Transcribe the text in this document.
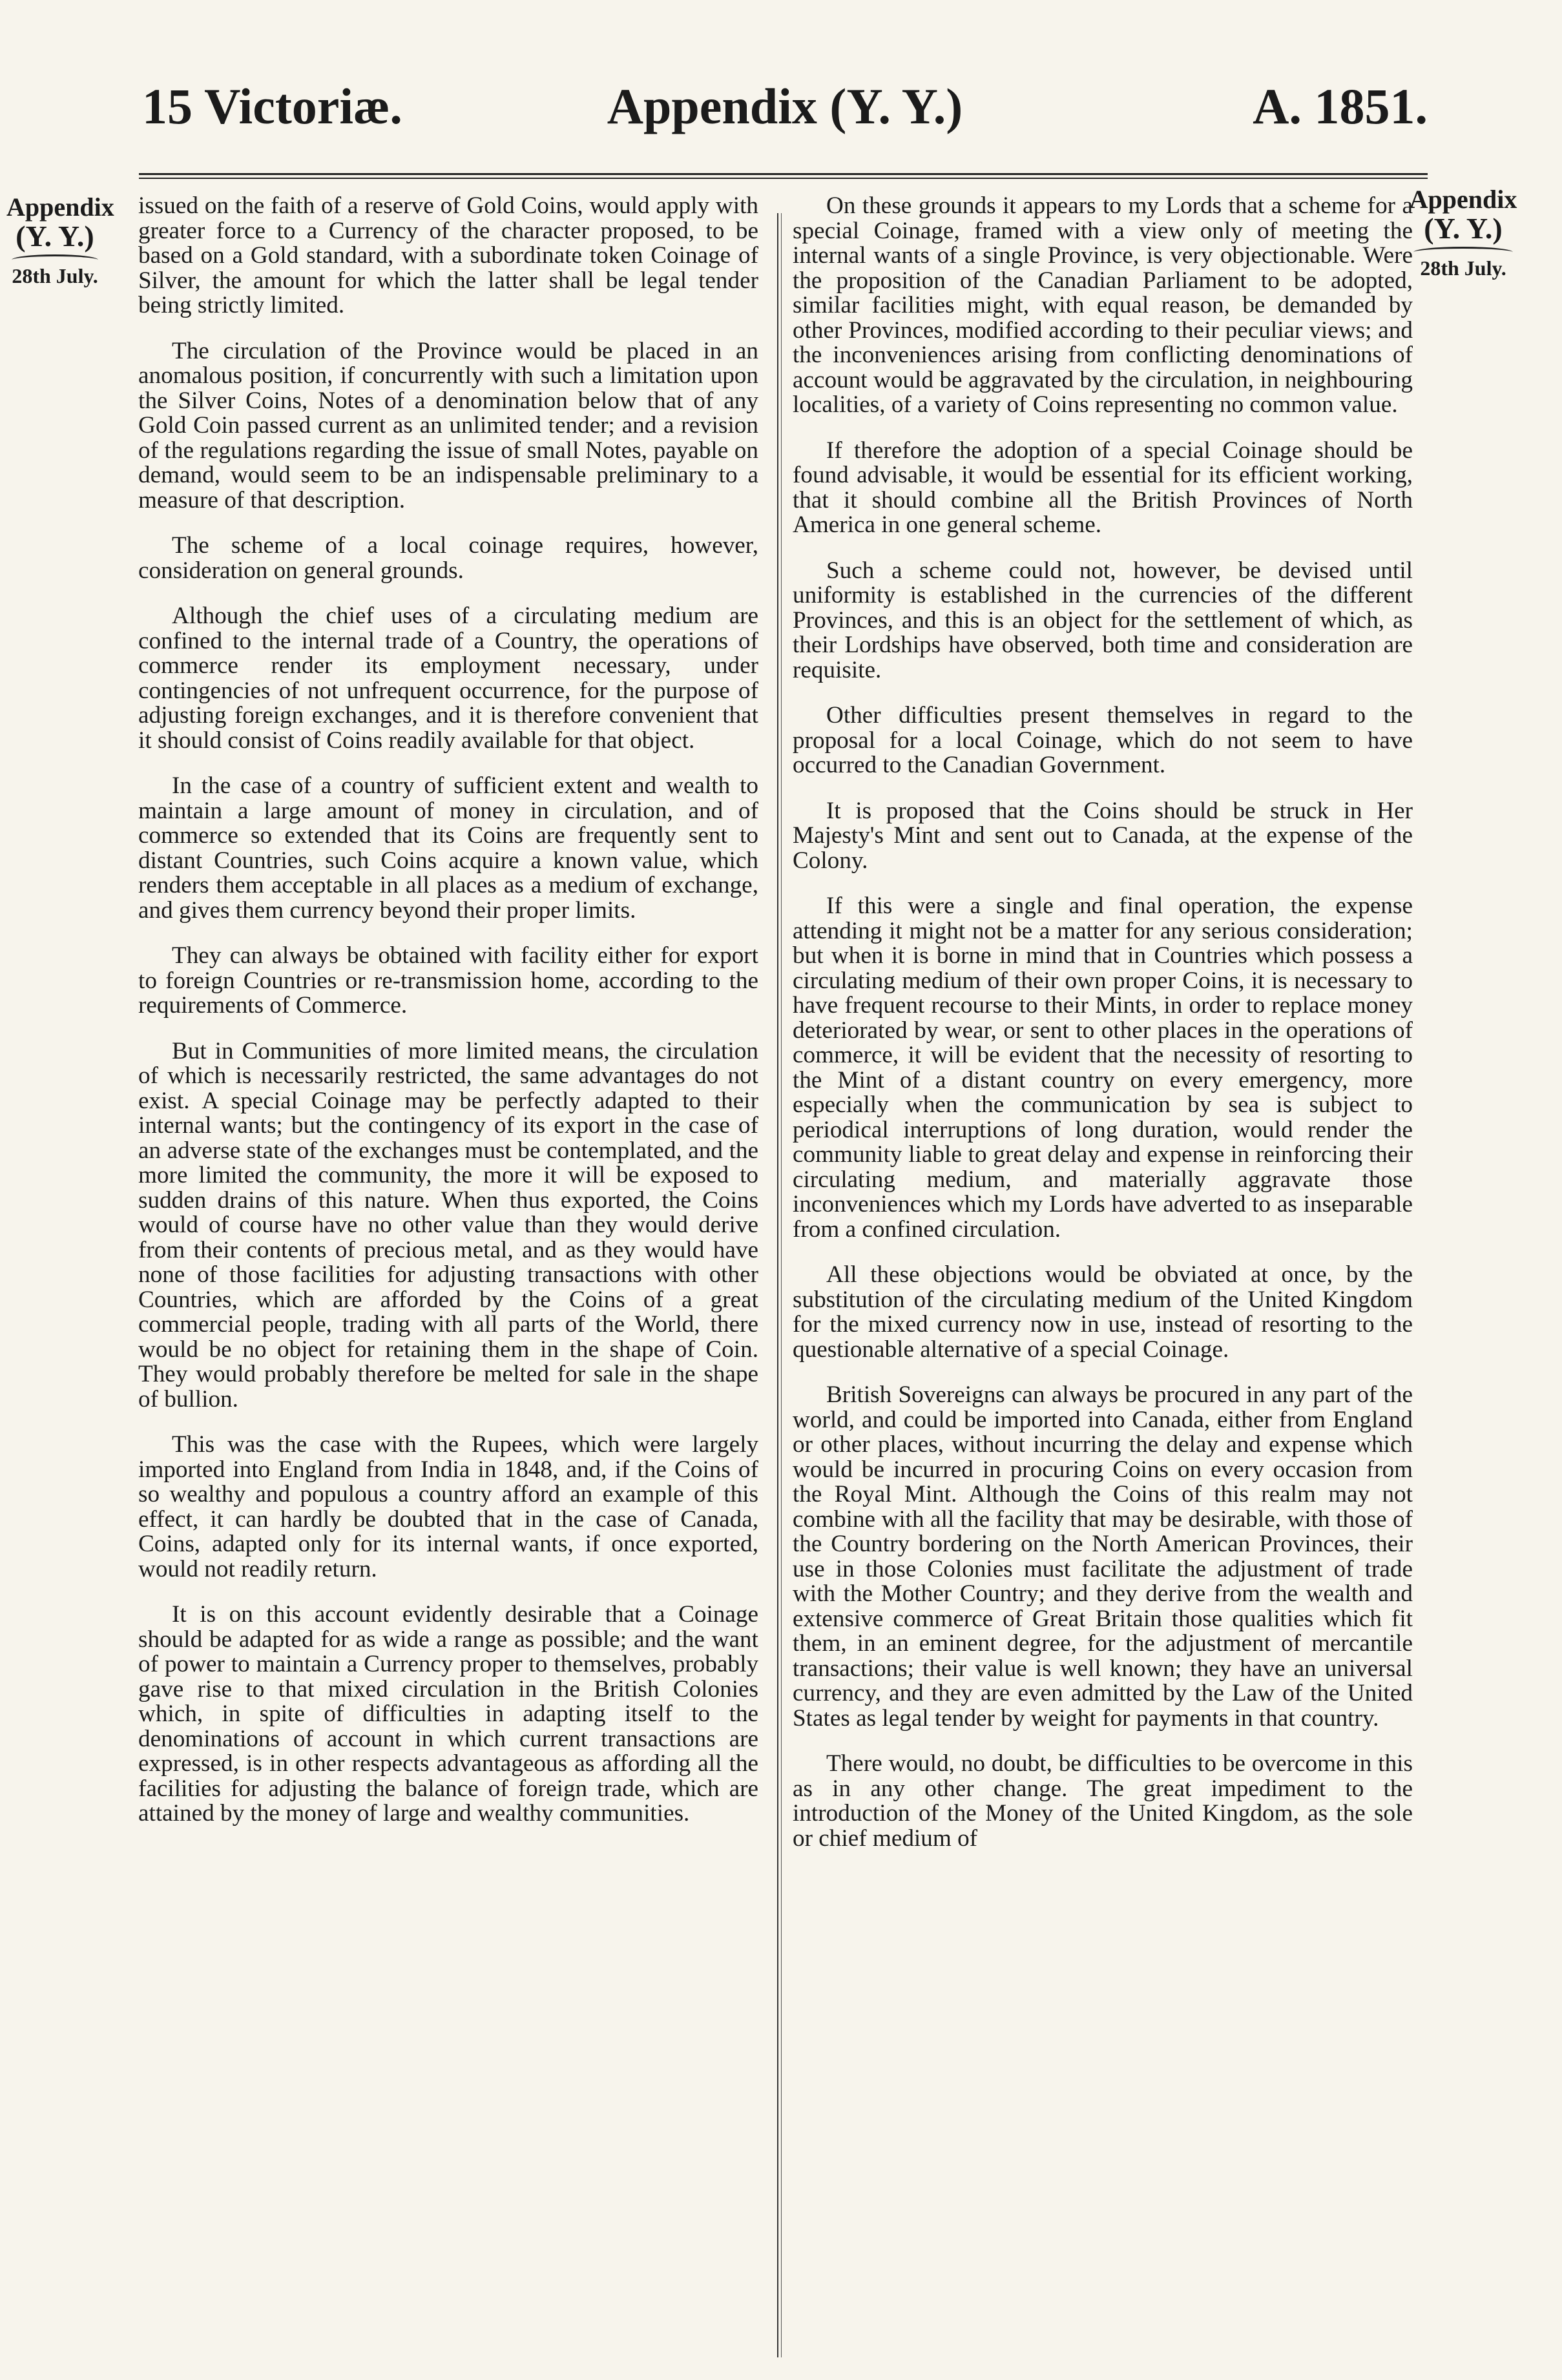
15 Victoriæ.	Appendix (Y. Y.)	A. 1851.
Appendix
(Y. Y.)
28th July.
Appendix
(Y. Y.)
28th July.

issued on the faith of a reserve of Gold Coins, would apply with greater force to a Currency of the character proposed, to be based on a Gold standard, with a subordinate token Coinage of Silver, the amount for which the latter shall be legal tender being strictly limited.

The circulation of the Province would be placed in an anomalous position, if concurrently with such a limitation upon the Silver Coins, Notes of a denomination below that of any Gold Coin passed current as an unlimited tender; and a revision of the regulations regarding the issue of small Notes, payable on demand, would seem to be an indispensable preliminary to a measure of that description.

The scheme of a local coinage requires, however, consideration on general grounds.

Although the chief uses of a circulating medium are confined to the internal trade of a Country, the operations of commerce render its employment necessary, under contingencies of not unfrequent occurrence, for the purpose of adjusting foreign exchanges, and it is therefore convenient that it should consist of Coins readily available for that object.

In the case of a country of sufficient extent and wealth to maintain a large amount of money in circulation, and of commerce so extended that its Coins are frequently sent to distant Countries, such Coins acquire a known value, which renders them acceptable in all places as a medium of exchange, and gives them currency beyond their proper limits.

They can always be obtained with facility either for export to foreign Countries or re-transmission home, according to the requirements of Commerce.

But in Communities of more limited means, the circulation of which is necessarily restricted, the same advantages do not exist. A special Coinage may be perfectly adapted to their internal wants; but the contingency of its export in the case of an adverse state of the exchanges must be contemplated, and the more limited the community, the more it will be exposed to sudden drains of this nature. When thus exported, the Coins would of course have no other value than they would derive from their contents of precious metal, and as they would have none of those facilities for adjusting transactions with other Countries, which are afforded by the Coins of a great commercial people, trading with all parts of the World, there would be no object for retaining them in the shape of Coin. They would probably therefore be melted for sale in the shape of bullion.

This was the case with the Rupees, which were largely imported into England from India in 1848, and, if the Coins of so wealthy and populous a country afford an example of this effect, it can hardly be doubted that in the case of Canada, Coins, adapted only for its internal wants, if once exported, would not readily return.

It is on this account evidently desirable that a Coinage should be adapted for as wide a range as possible; and the want of power to maintain a Currency proper to themselves, probably gave rise to that mixed circulation in the British Colonies which, in spite of difficulties in adapting itself to the denominations of account in which current transactions are expressed, is in other respects advantageous as affording all the facilities for adjusting the balance of foreign trade, which are attained by the money of large and wealthy communities.

On these grounds it appears to my Lords that a scheme for a special Coinage, framed with a view only of meeting the internal wants of a single Province, is very objectionable. Were the proposition of the Canadian Parliament to be adopted, similar facilities might, with equal reason, be demanded by other Provinces, modified according to their peculiar views; and the inconveniences arising from conflicting denominations of account would be aggravated by the circulation, in neighbouring localities, of a variety of Coins representing no common value.

If therefore the adoption of a special Coinage should be found advisable, it would be essential for its efficient working, that it should combine all the British Provinces of North America in one general scheme.

Such a scheme could not, however, be devised until uniformity is established in the currencies of the different Provinces, and this is an object for the settlement of which, as their Lordships have observed, both time and consideration are requisite.

Other difficulties present themselves in regard to the proposal for a local Coinage, which do not seem to have occurred to the Canadian Government.

It is proposed that the Coins should be struck in Her Majesty's Mint and sent out to Canada, at the expense of the Colony.

If this were a single and final operation, the expense attending it might not be a matter for any serious consideration; but when it is borne in mind that in Countries which possess a circulating medium of their own proper Coins, it is necessary to have frequent recourse to their Mints, in order to replace money deteriorated by wear, or sent to other places in the operations of commerce, it will be evident that the necessity of resorting to the Mint of a distant country on every emergency, more especially when the communication by sea is subject to periodical interruptions of long duration, would render the community liable to great delay and expense in reinforcing their circulating medium, and materially aggravate those inconveniences which my Lords have adverted to as inseparable from a confined circulation.

All these objections would be obviated at once, by the substitution of the circulating medium of the United Kingdom for the mixed currency now in use, instead of resorting to the questionable alternative of a special Coinage.

British Sovereigns can always be procured in any part of the world, and could be imported into Canada, either from England or other places, without incurring the delay and expense which would be incurred in procuring Coins on every occasion from the Royal Mint. Although the Coins of this realm may not combine with all the facility that may be desirable, with those of the Country bordering on the North American Provinces, their use in those Colonies must facilitate the adjustment of trade with the Mother Country; and they derive from the wealth and extensive commerce of Great Britain those qualities which fit them, in an eminent degree, for the adjustment of mercantile transactions; their value is well known; they have an universal currency, and they are even admitted by the Law of the United States as legal tender by weight for payments in that country.

There would, no doubt, be difficulties to be overcome in this as in any other change. The great impediment to the introduction of the Money of the United Kingdom, as the sole or chief medium of
